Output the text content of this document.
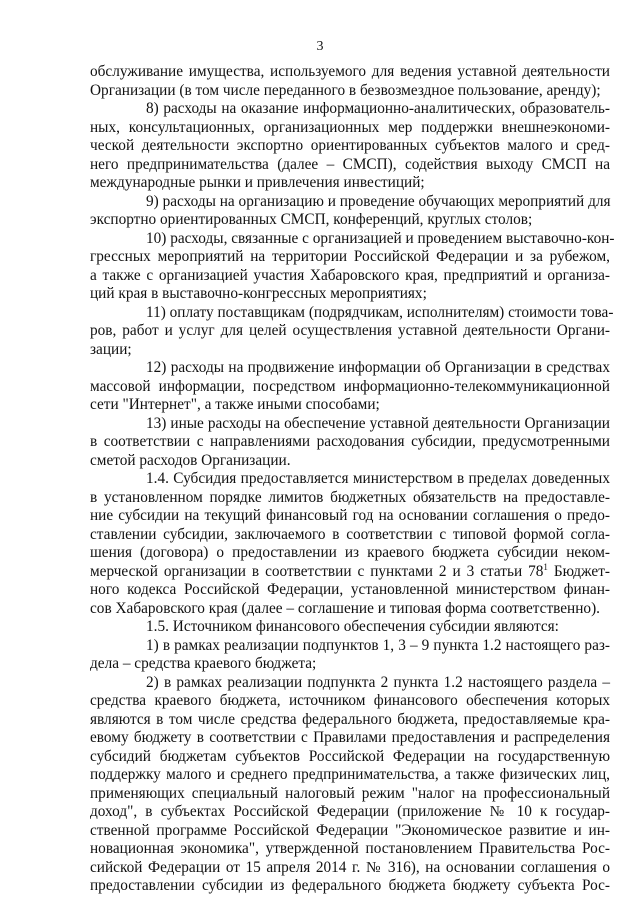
3
обслуживание имущества, используемого для ведения уставной деятельности
Организации (в том числе переданного в безвозмездное пользование, аренду);
8) расходы на оказание информационно-аналитических, образователь-
ных, консультационных, организационных мер поддержки внешнеэкономи-
ческой деятельности экспортно ориентированных субъектов малого и сред-
него предпринимательства (далее – СМСП), содействия выходу СМСП на
международные рынки и привлечения инвестиций;
9) расходы на организацию и проведение обучающих мероприятий для
экспортно ориентированных СМСП, конференций, круглых столов;
10) расходы, связанные с организацией и проведением выставочно-кон-
грессных мероприятий на территории Российской Федерации и за рубежом,
а также с организацией участия Хабаровского края, предприятий и организа-
ций края в выставочно-конгрессных мероприятиях;
11) оплату поставщикам (подрядчикам, исполнителям) стоимости това-
ров, работ и услуг для целей осуществления уставной деятельности Органи-
зации;
12) расходы на продвижение информации об Организации в средствах
массовой информации, посредством информационно-телекоммуникационной
сети "Интернет", а также иными способами;
13) иные расходы на обеспечение уставной деятельности Организации
в соответствии с направлениями расходования субсидии, предусмотренными
сметой расходов Организации.
1.4. Субсидия предоставляется министерством в пределах доведенных
в установленном порядке лимитов бюджетных обязательств на предоставле-
ние субсидии на текущий финансовый год на основании соглашения о предо-
ставлении субсидии, заключаемого в соответствии с типовой формой согла-
шения (договора) о предоставлении из краевого бюджета субсидии неком-
мерческой организации в соответствии с пунктами 2 и 3 статьи $78^1$ Бюджет-
ного кодекса Российской Федерации, установленной министерством финан-
сов Хабаровского края (далее – соглашение и типовая форма соответственно).
1.5. Источником финансового обеспечения субсидии являются:
1) в рамках реализации подпунктов 1, 3 – 9 пункта 1.2 настоящего раз-
дела – средства краевого бюджета;
2) в рамках реализации подпункта 2 пункта 1.2 настоящего раздела –
средства краевого бюджета, источником финансового обеспечения которых
являются в том числе средства федерального бюджета, предоставляемые кра-
евому бюджету в соответствии с Правилами предоставления и распределения
субсидий бюджетам субъектов Российской Федерации на государственную
поддержку малого и среднего предпринимательства, а также физических лиц,
применяющих специальный налоговый режим "налог на профессиональный
доход", в субъектах Российской Федерации (приложение № 10 к государ-
ственной программе Российской Федерации "Экономическое развитие и ин-
новационная экономика", утвержденной постановлением Правительства Рос-
сийской Федерации от 15 апреля 2014 г. № 316), на основании соглашения о
предоставлении субсидии из федерального бюджета бюджету субъекта Рос-
